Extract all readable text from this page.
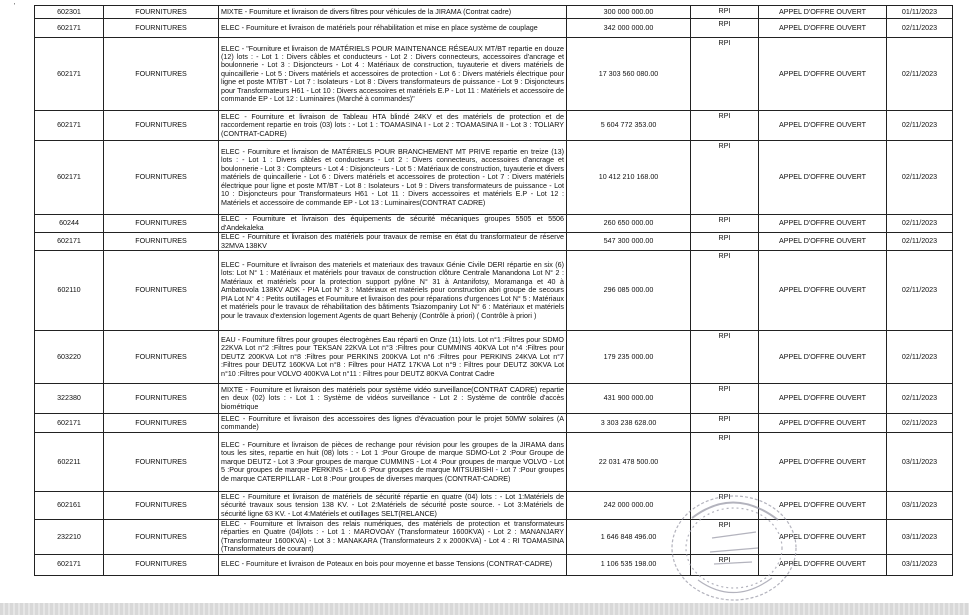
'
602301	FOURNITURES	MIXTE - Fourniture et livraison de divers filtres pour véhicules de la JIRAMA (Contrat cadre)	300 000 000.00	RPI	APPEL D'OFFRE OUVERT	01/11/2023
602171	FOURNITURES	ELEC - Fourniture et livraison de matériels pour réhabilitation et mise en place système de couplage	342 000 000.00	RPI	APPEL D'OFFRE OUVERT	02/11/2023
602171	FOURNITURES	ELEC - "Fourniture et livraison de MATÉRIELS POUR MAINTENANCE RÉSEAUX MT/BT repartie en douze (12) lots : - Lot 1 : Divers câbles et conducteurs - Lot 2 : Divers connecteurs, accessoires d'ancrage et boulonnerie - Lot 3 : Disjoncteurs - Lot 4 : Matériaux de construction, tuyauterie et divers matériels de quincaillerie - Lot 5 : Divers matériels et accessoires de protection - Lot 6 : Divers matériels électrique pour ligne et poste MT/BT - Lot 7 : Isolateurs - Lot 8 : Divers transformateurs de puissance - Lot 9 : Disjoncteurs pour Transformateurs H61 - Lot 10 : Divers accessoires et matériels E.P - Lot 11 : Matériels et accessoire de commande EP - Lot 12 : Luminaires (Marché à commandes)"	17 303 560 080.00	RPI	APPEL D'OFFRE OUVERT	02/11/2023
602171	FOURNITURES	ELEC - Fourniture et livraison de Tableau HTA blindé 24KV et des matériels de protection et de raccordement repartie en trois (03) lots : - Lot 1 : TOAMASINA I - Lot 2 : TOAMASINA II - Lot 3 : TOLIARY (CONTRAT-CADRE)	5 604 772 353.00	RPI	APPEL D'OFFRE OUVERT	02/11/2023
602171	FOURNITURES	ELEC - Fourniture et livraison de MATÉRIELS POUR BRANCHEMENT MT PRIVE repartie en treize (13) lots : - Lot 1 : Divers câbles et conducteurs - Lot 2 : Divers connecteurs, accessoires d'ancrage et boulonnerie - Lot 3 : Compteurs - Lot 4 : Disjoncteurs - Lot 5 : Matériaux de construction, tuyauterie et divers matériels de quincaillerie - Lot 6 : Divers matériels et accessoires de protection - Lot 7 : Divers matériels électrique pour ligne et poste MT/BT - Lot 8 : Isolateurs - Lot 9 : Divers transformateurs de puissance - Lot 10 : Disjoncteurs pour Transformateurs H61 - Lot 11 : Divers accessoires et matériels E.P - Lot 12 : Matériels et accessoire de commande EP - Lot 13 : Luminaires(CONTRAT CADRE)	10 412 210 168.00	RPI	APPEL D'OFFRE OUVERT	02/11/2023
60244	FOURNITURES	ELEC - Fourniture et livraison des équipements de sécurité mécaniques groupes 5505 et 5506 d'Andekaleka	260 650 000.00	RPI	APPEL D'OFFRE OUVERT	02/11/2023
602171	FOURNITURES	ELEC - Fourniture et livraison des matériels pour travaux de remise en état du transformateur de réserve 32MVA 138KV	547 300 000.00	RPI	APPEL D'OFFRE OUVERT	02/11/2023
602110	FOURNITURES	ELEC - Fourniture et livraison des materiels et materiaux des travaux Génie Civile DERI répartie en six (6) lots: Lot N° 1 : Matériaux et matériels pour travaux de construction clôture Centrale Manandona Lot N° 2 : Matériaux et matériels pour la protection support pylône N° 31 à Antanifotsy, Moramanga et 40 à Ambatovola 138KV ADK - PIA Lot N° 3 : Matériaux et matériels pour construction abri groupe de secours PIA Lot N° 4 : Petits outillages et Fourniture et livraison des pour réparations d'urgences Lot N° 5 : Matériaux et matériels pour le travaux de réhabilitation des bâtiments Tsiazompaniry Lot N° 6 : Matériaux et matériels pour le travaux d'extension logement Agents de quart Behenjy (Contrôle à priori) ( Contrôle à priori )	296 085 000.00	RPI	APPEL D'OFFRE OUVERT	02/11/2023
603220	FOURNITURES	EAU - Fourniture filtres pour groupes électrogènes Eau réparti en Onze (11) lots. Lot n°1 :Filtres pour SDMO 22KVA Lot n°2 :Filtres pour TEKSAN 22KVA Lot n°3 :Filtres pour CUMMINS 40KVA Lot n°4 :Filtres pour DEUTZ 200KVA Lot n°8 :Filtres pour PERKINS 200KVA Lot n°6 :Filtres pour PERKINS 24KVA Lot n°7 :Filtres pour DEUTZ 160KVA Lot n°8 : Filtres pour HATZ 17KVA Lot n°9 : Filtres pour DEUTZ 30KVA Lot n°10 :Filtres pour VOLVO 400KVA Lot n°11 : Filtres pour DEUTZ 80KVA Contrat Cadre	179 235 000.00	RPI	APPEL D'OFFRE OUVERT	02/11/2023
322380	FOURNITURES	MIXTE - Fourniture et livraison des matériels pour système vidéo surveillance(CONTRAT CADRE) repartie en deux (02) lots : - Lot 1 : Système de vidéos surveillance - Lot 2 : Système de contrôle d'accès biométrique	431 900 000.00	RPI	APPEL D'OFFRE OUVERT	02/11/2023
602171	FOURNITURES	ELEC - Fourniture et livraison des accessoires des lignes d'évacuation pour le projet 50MW solaires (A commande)	3 303 238 628.00	RPI	APPEL D'OFFRE OUVERT	02/11/2023
602211	FOURNITURES	ELEC - Fourniture et livraison de pièces de rechange pour révision pour les groupes de la JIRAMA dans tous les sites, repartie en huit (08) lots : - Lot 1 :Pour Groupe de marque SDMO-Lot 2 :Pour Groupe de marque DEUTZ - Lot 3 :Pour groupes de marque CUMMINS - Lot 4 :Pour groupes de marque VOLVO - Lot 5 :Pour groupes de marque PERKINS - Lot 6 :Pour groupes de marque MITSUBISHI - Lot 7 :Pour groupes de marque CATERPILLAR - Lot 8 :Pour groupes de diverses marques (CONTRAT-CADRE)	22 031 478 500.00	RPI	APPEL D'OFFRE OUVERT	03/11/2023
602161	FOURNITURES	ELEC - Fourniture et livraison de matériels de sécurité répartie en quatre (04) lots : - Lot 1:Matériels de sécurité travaux sous tension 138 KV. - Lot 2:Matériels de sécurité poste source. - Lot 3:Matériels de sécurité ligne 63 KV. - Lot 4:Matériels et outillages SELT(RELANCE)	242 000 000.00	RPI	APPEL D'OFFRE OUVERT	03/11/2023
232210	FOURNITURES	ELEC - Fourniture et livraison des relais numériques, des matériels de protection et transformateurs réparties en Quatre (04)lots : - Lot 1 : MAROVOAY (Transformateur 1600KVA) - Lot 2 : MANANJARY (Transformateur 1600KVA) - Lot 3 : MANAKARA (Transformateurs 2 x 2000KVA) - Lot 4 : RI TOAMASINA (Transformateurs de courant)	1 646 848 496.00	RPI	APPEL D'OFFRE OUVERT	03/11/2023
602171	FOURNITURES	ELEC - Fourniture et livraison de Poteaux en bois pour moyenne et basse Tensions (CONTRAT-CADRE)	1 106 535 198.00	RPI	APPEL D'OFFRE OUVERT	03/11/2023
